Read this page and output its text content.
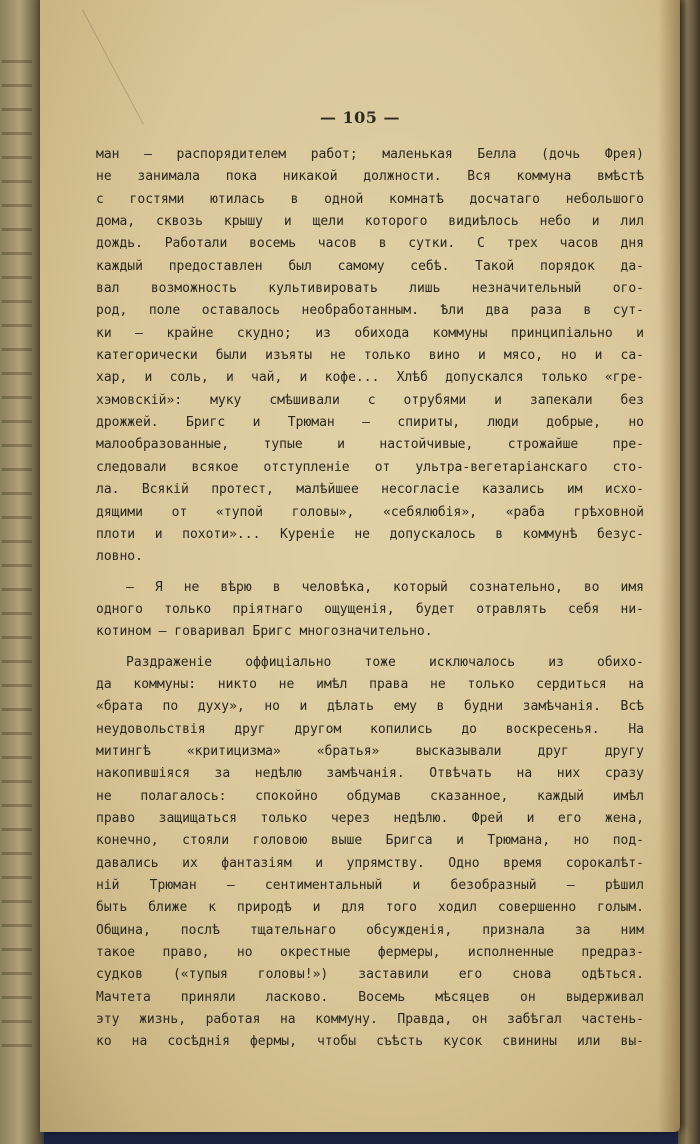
— 105 —
ман — распорядителем работ; маленькая Белла (дочь Фрея)
не занимала пока никакой должности. Вся коммуна вмѣстѣ
с гостями ютилась в одной комнатѣ досчатаго небольшого
дома, сквозь крышу и щели которого видиѣлось небо и лил
дождь. Работали восемь часов в сутки. С трех часов дня
каждый предоставлен был самому себѣ. Такой порядок да-
вал возможность культивировать лишь незначительный ого-
род, поле оставалось необработанным. Ѣли два раза в сут-
ки — крайне скудно; из обихода коммуны принципіально и
категорически были изъяты не только вино и мясо, но и са-
хар, и соль, и чай, и кофе... Хлѣб допускался только «гре-
хэмовскій»: муку смѣшивали с отрубями и запекали без
дрожжей. Бригс и Трюман — спириты, люди добрые, но
малообразованные, тупые и настойчивые, строжайше пре-
следовали всякое отступленіе от ультра-вегетаріанскаго сто-
ла. Всякій протест, малѣйшее несогласіе казались им исхо-
дящими от «тупой головы», «себялюбія», «раба грѣховной
плоти и похоти»... Куреніе не допускалось в коммунѣ безус-
ловно.
— Я не вѣрю в человѣка, который сознательно, во имя
одного только пріятнаго ощущенія, будет отравлять себя ни-
котином — говаривал Бригс многозначительно.
Раздраженіе оффиціально тоже исключалось из обихо-
да коммуны: никто не имѣл права не только сердиться на
«брата по духу», но и дѣлать ему в будни замѣчанія. Всѣ
неудовольствія друг другом копились до воскресенья. На
митингѣ «критицизма» «братья» высказывали друг другу
накопившіяся за недѣлю замѣчанія. Отвѣчать на них сразу
не полагалось: спокойно обдумав сказанное, каждый имѣл
право защищаться только через недѣлю. Фрей и его жена,
конечно, стояли головою выше Бригса и Трюмана, но под-
давались их фантазіям и упрямству. Одно время сорокалѣт-
ній Трюман — сентиментальный и безобразный — рѣшил
быть ближе к природѣ и для того ходил совершенно голым.
Община, послѣ тщательнаго обсужденія, признала за ним
такое право, но окрестные фермеры, исполненные предраз-
судков («тупыя головы!») заставили его снова одѣться.
Мачтета приняли ласково. Восемь мѣсяцев он выдерживал
эту жизнь, работая на коммуну. Правда, он забѣгал частень-
ко на сосѣднія фермы, чтобы съѣсть кусок свинины или вы-
